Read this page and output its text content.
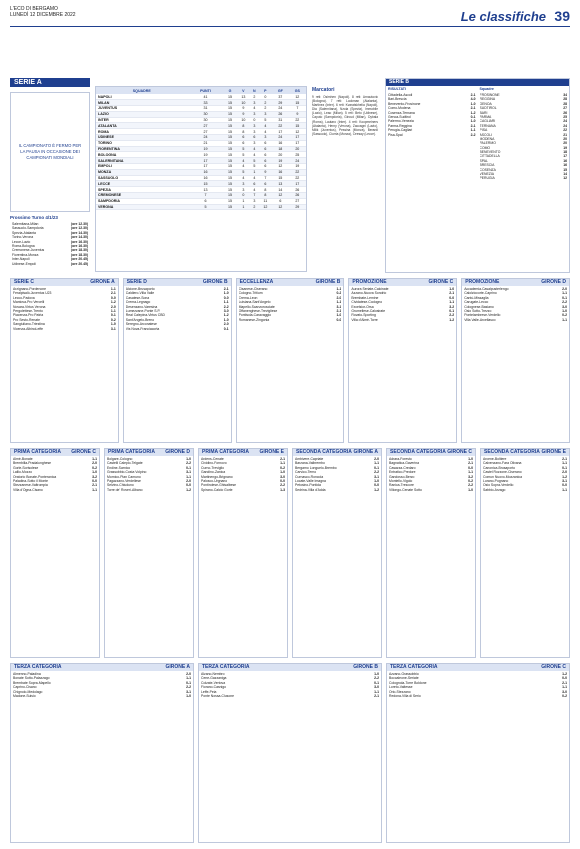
L'ECO DI BERGAMO
LUNEDÌ 12 DICEMBRE 2022	Le classifiche 39
SERIE A
IL CAMPIONATO È FERMO PER LA PAUSA IN OCCASIONE DEI CAMPIONATI MONDIALI
Prossimo Turno 4/1/23
Salernitana-Milan	(ore 12.30)
Sassuolo-Sampdoria	(ore 12.30)
Spezia-Atalanta	(ore 14.30)
Torino-Verona	(ore 14.30)
Lecce-Lazio	(ore 16.30)
Roma-Bologna	(ore 16.30)
Cremonese-Juventus	(ore 18.30)
Fiorentina-Monza	(ore 18.30)
Inter-Napoli	(ore 20.45)
Udinese-Empoli	(ore 20.45)
SQUADRE	PUNTI	G	V	N	P	GF	GS
NAPOLI	41	15	13	2	0	37	12
MILAN	33	15	10	3	2	29	15
JUVENTUS	31	15	9	4	2	24	7
LAZIO	30	15	9	3	3	26	9
INTER	30	15	10	0	5	31	22
ATALANTA	27	15	8	3	4	22	15
ROMA	27	15	8	3	4	17	12
UDINESE	24	15	6	6	3	24	17
TORINO	21	15	6	3	6	16	17
FIORENTINA	19	15	5	4	6	18	20
BOLOGNA	19	15	5	4	6	20	25
SALERNITANA	17	15	4	5	6	19	24
EMPOLI	17	15	4	5	6	12	19
MONZA	16	15	5	1	9	16	22
SASSUOLO	16	15	4	4	7	15	22
LECCE	15	15	3	6	6	13	17
SPEZIA	13	15	3	4	8	14	26
CREMONESE	7	15	0	7	8	12	26
SAMPDORIA	6	15	1	3	11	6	27
VERONA	5	15	1	2	12	12	29
Marcatori
9 reti: Osimhen (Napoli). 8 reti: Arnautovic (Bologna). 7 reti: Lookman (Atalanta), Martinez (Inter). 6 reti: Kvaratskhelia (Napoli), Dia (Salernitana), Nzola (Spezia), Immobile (Lazio), Leao (Milan). 5 reti: Beto (Udinese), Caputo (Sampdoria), Giroud (Milan), Dybala (Roma), Lautaro (Inter). 4 reti: Koopmeiners (Atalanta), Henry (Verona), Zaccagni (Lazio), Milik (Juventus), Pessina (Monza), Berardi (Sassuolo), Ciurria (Monza), Ceesay (Lecce).
SERIE B
RISULTATI
Cittadella-Ascoli	2-1
Bari-Brescia	4-0
Benevento-Frosinone	1-0
Como-Modena	2-1
Cosenza-Ternana	1-2
Genoa-Sudtirol	0-1
Palermo-Venezia	1-0
Parma-Reggina	2-1
Perugia-Cagliari	1-1
Pisa-Spal	2-2
Squadre
FROSINONE	34
REGGINA	28
GENOA	28
SUDTIROL	27
BARI	26
PARMA	25
CAGLIARI	24
TERNANA	24
PISA	22
ASCOLI	21
MODENA	20
PALERMO	20
COMO	19
BENEVENTO	18
CITTADELLA	17
SPAL	16
BRESCIA	16
COSENZA	15
VENEZIA	14
PERUGIA	12
SERIE C	GIRONE A
Arzignano-Pordenone	1-1
Feralpisalò-Juventus U23	2-1
Lecco-Padova	0-0
Mantova-Pro Vercelli	1-2
Novara-Virtus Verona	2-0
Pergolettese-Trento	1-1
Piacenza-Pro Patria	0-1
Pro Sesto-Renate	0-2
Sangiuliano-Triestina	1-0
Vicenza-AlbinoLeffe	3-1
SERIE D	GIRONE B
Alcione-Brusaporto	2-1
Caldiero-Villa Valle	1-0
Casatese-Sona	0-0
Crema-Legnago	1-1
Desenzano-Varesina	2-2
Lumezzane-Ponte S.P.	3-0
Real Calepina-Virtus CBD	1-2
Sant'Angelo-Breno	1-0
Seregno-Arconatese	2-0
Vis Nova-Franciacorta	0-1
ECCELLENZA	GIRONE B
Cisanese-Ciserano	1-1
Cologno-Tritium	0-2
Crema-Leon	2-0
Luisiana-Sant'Angelo	1-1
Mapello-Scanzorosciate	3-1
Offanenghese-Trevigliese	2-1
Pontisola-Caravaggio	1-0
Romanese-Zingonia	0-0
PROMOZIONE	GIRONE C
Aurora Seriate-Calcinate	1-0
Azzano-Nuova Sondrio	2-1
Brembate-Lemine	0-0
Cividatese-Codogno	1-1
Excelsior-Orsa	3-2
Grumellese-Calvairate	0-1
Rovato-Sporting	2-2
Villa d'Almè-Torre	1-2
PROMOZIONE	GIRONE D
Accademia-Casalpusterlengo	2-0
Calolziocorte-Caprino	1-1
Cantù-Missaglia	0-1
Carugate-Lecco	2-2
Colognese-Basiano	3-0
Osio Sotto-Trezzo	1-0
Pontelambrese-Verdello	0-2
Villa Valle-Arcellasco	1-1
PRIMA CATEGORIA GIRONE C
Almè-Bonate	1-1
Brembilla-Pradalunghese	2-0
Gorle-Sorisolese	0-2
Lallio-Mozzo	1-0
Oratorio Bonate-Ponteranica	3-2
Paladina-Sotto il Monte	0-0
Stezzanese-Valtrompia	2-1
Villa d'Ogna-Cisano	1-1
PRIMA CATEGORIA GIRONE D
Bolgare-Cologno	1-0
Castelli Calepio-Telgate	2-2
Endine-Sarnico	0-1
Grassobbio-Costa Volpino	3-1
Mornico-Pian Camuno	1-1
Pagazzano-Verdellese	2-0
Selvino-Chiuduno	0-0
Torre de' Roveri-Albano	1-2
PRIMA CATEGORIA GIRONE E
Ardens-Cenate	2-1
Cividino-Fornovo	1-1
Curno-Treviglio	0-2
Gandino-Zanica	1-0
Martinengo-Brignano	3-0
Palosco-Urgnano	0-0
Pontirolese-Ghisalbese	2-2
Spirano-Calcio Gorle	1-3
SECONDA CATEGORIA GIRONE A
Ambivere-Capriate	2-0
Barzana-Valbrembo	1-1
Bergamo Longuelo-Brembo	0-1
Carvico-Terno	2-2
Curnasco-Roncola	3-1
Locate-Valle Imagna	1-0
Petosino-Pontida	0-0
Sedrina-Villa d'Adda	1-2
SECONDA CATEGORIA GIRONE C
Adrara-Foresto	1-0
Bagnatica-Gaverina	2-1
Casazza-Credaro	0-0
Entratico-Predore	1-1
Gandosso-Berzo	3-2
Montello-Vigolo	0-2
Ranica-Trescore	2-2
Villongo-Cenate Sotto	1-0
SECONDA CATEGORIA GIRONE E
Arcene-Boltiere	2-1
Calvenzano-Fara Olivana	1-1
Canonica-Brusaporto	0-1
Castel Rozzone-Ciserano	2-0
Comun Nuovo-Mozzanica	1-2
Lurano-Pognano	3-1
Osio Sopra-Verdello	0-0
Sabbio-Arzago	1-1
TERZA CATEGORIA	GIRONE A
Almenno-Paladina	2-0
Bonate Sotto-Palazzago	1-1
Brembate Sopra-Mapello	0-1
Caprino-Cisano	2-2
Chignolo-Medolago	3-1
Madone-Suisio	1-0
TERZA CATEGORIA	GIRONE B
Alzano-Nembro	1-0
Cene-Gazzaniga	2-2
Colzate-Vertova	0-1
Fiorano-Casnigo	3-0
Leffe-Peia	1-1
Ponte Nossa-Clusone	2-1
TERZA CATEGORIA	GIRONE C
Azzano-Grassobbio	1-2
Boccaleone-Seriate	0-0
Colognola-Torre Boldone	2-1
Loreto-Valtesse	1-1
Orio-Stezzano	3-0
Redona-Villa di Serio	0-2
